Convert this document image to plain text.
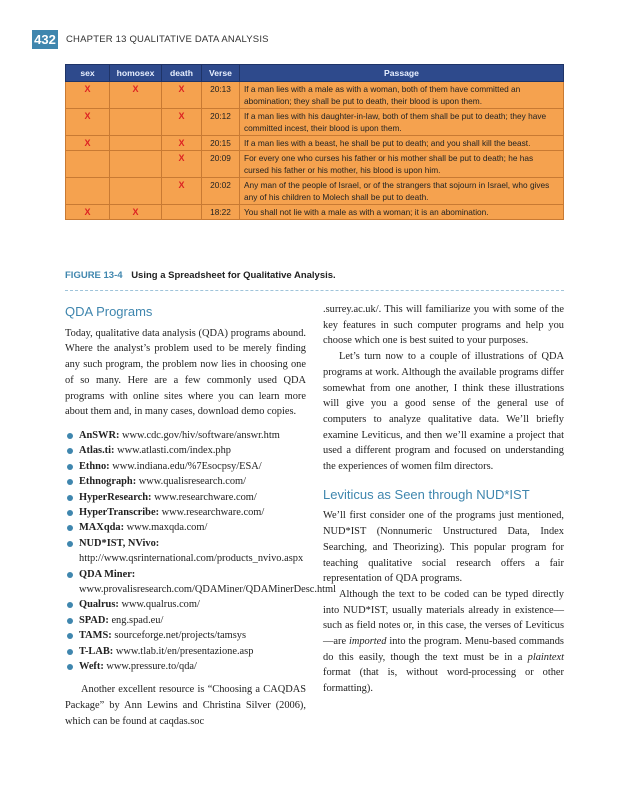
432 CHAPTER 13 QUALITATIVE DATA ANALYSIS
sex	homosex	death	Verse	Passage
X	X	X	20:13	If a man lies with a male as with a woman, both of them have committed an abomination; they shall be put to death, their blood is upon them.
X		X	20:12	If a man lies with his daughter-in-law, both of them shall be put to death; they have committed incest, their blood is upon them.
X		X	20:15	If a man lies with a beast, he shall be put to death; and you shall kill the beast.
		X	20:09	For every one who curses his father or his mother shall be put to death; he has cursed his father or his mother, his blood is upon him.
		X	20:02	Any man of the people of Israel, or of the strangers that sojourn in Israel, who gives any of his children to Molech shall be put to death.
X	X		18:22	You shall not lie with a male as with a woman; it is an abomination.
FIGURE 13-4 Using a Spreadsheet for Qualitative Analysis.
QDA Programs

Today, qualitative data analysis (QDA) programs abound. Where the analyst’s problem used to be merely finding any such program, the problem now lies in choosing one of so many. Here are a few commonly used QDA programs with online sites where you can learn more about them and, in many cases, download demo copies.

AnSWR: www.cdc.gov/hiv/software/answr.htm
Atlas.ti: www.atlasti.com/index.php
Ethno: www.indiana.edu/%7Esocpsy/ESA/
Ethnograph: www.qualisresearch.com/
HyperResearch: www.researchware.com/
HyperTranscribe: www.researchware.com/
MAXqda: www.maxqda.com/
NUD*IST, NVivo: http://www.qsrinternational.com/products_nvivo.aspx
QDA Miner: www.provalisresearch.com/QDAMiner/QDAMinerDesc.html
Qualrus: www.qualrus.com/
SPAD: eng.spad.eu/
TAMS: sourceforge.net/projects/tamsys
T-LAB: www.tlab.it/en/presentazione.asp
Weft: www.pressure.to/qda/

Another excellent resource is “Choosing a CAQDAS Package” by Ann Lewins and Christina Silver (2006), which can be found at caqdas.soc

.surrey.ac.uk/. This will familiarize you with some of the key features in such computer programs and help you choose which one is best suited to your purposes.

Let’s turn now to a couple of illustrations of QDA programs at work. Although the available programs differ somewhat from one another, I think these illustrations will give you a good sense of the general use of computers to analyze qualitative data. We’ll briefly examine Leviticus, and then we’ll examine a project that used a different program and focused on understanding the experiences of women film directors.

Leviticus as Seen through NUD*IST

We’ll first consider one of the programs just mentioned, NUD*IST (Nonnumeric Unstructured Data, Index Searching, and Theorizing). This popular program for teaching qualitative social research offers a fair representation of QDA programs.

Although the text to be coded can be typed directly into NUD*IST, usually materials already in existence—such as field notes or, in this case, the verses of Leviticus—are imported into the program. Menu-based commands do this easily, though the text must be in a plaintext format (that is, without word-processing or other formatting).
